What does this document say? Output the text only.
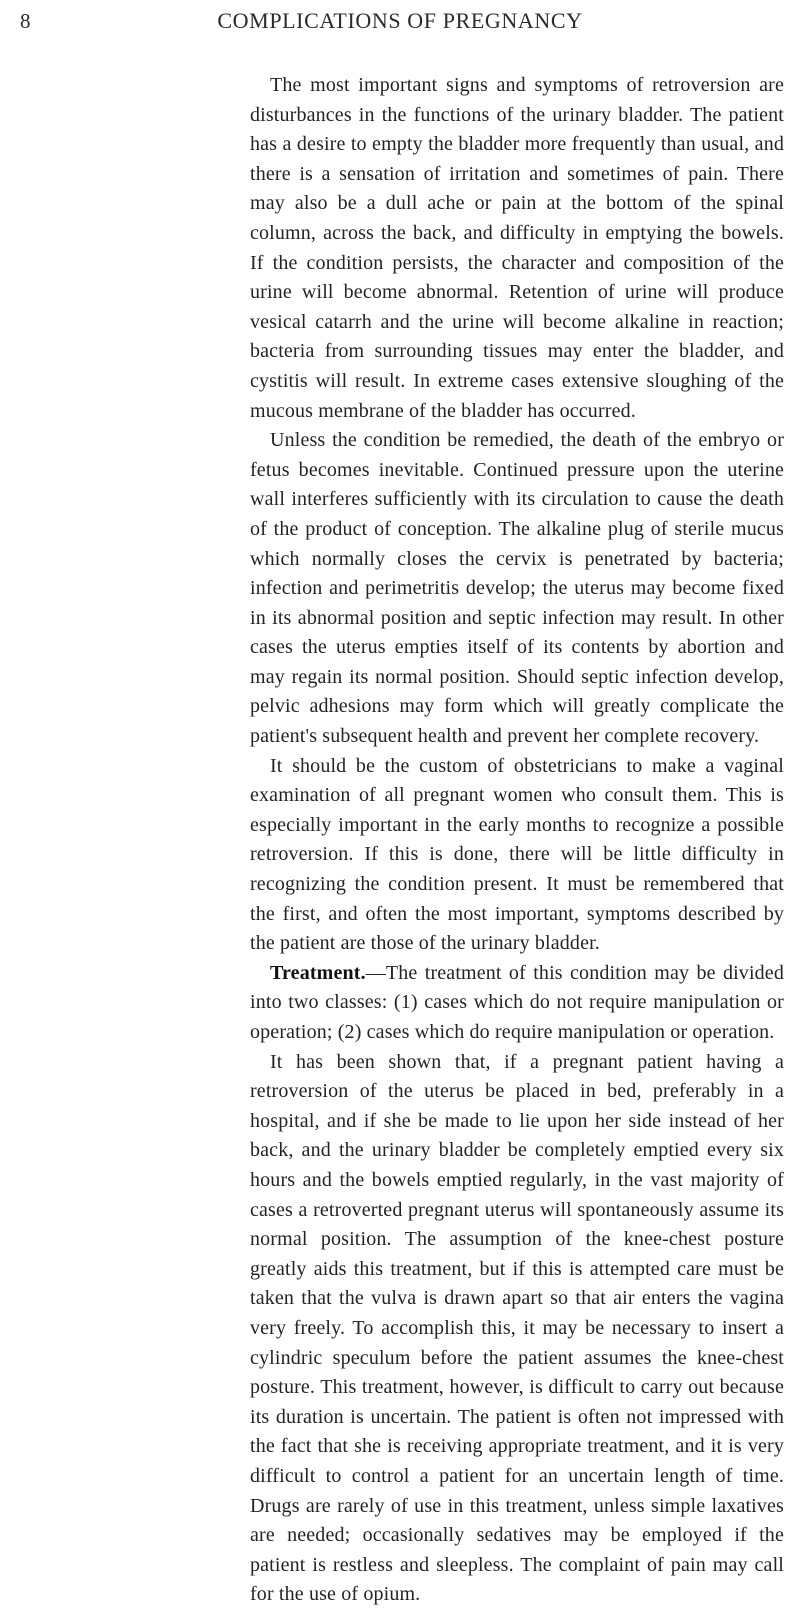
8	COMPLICATIONS OF PREGNANCY

The most important signs and symptoms of retroversion are disturbances in the functions of the urinary bladder. The patient has a desire to empty the bladder more frequently than usual, and there is a sensation of irritation and sometimes of pain. There may also be a dull ache or pain at the bottom of the spinal column, across the back, and difficulty in emptying the bowels. If the condition persists, the character and composition of the urine will become abnormal. Retention of urine will produce vesical catarrh and the urine will become alkaline in reaction; bacteria from surrounding tissues may enter the bladder, and cystitis will result. In extreme cases extensive sloughing of the mucous membrane of the bladder has occurred.

Unless the condition be remedied, the death of the embryo or fetus becomes inevitable. Continued pressure upon the uterine wall interferes sufficiently with its circulation to cause the death of the product of conception. The alkaline plug of sterile mucus which normally closes the cervix is penetrated by bacteria; infection and perimetritis develop; the uterus may become fixed in its abnormal position and septic infection may result. In other cases the uterus empties itself of its contents by abortion and may regain its normal position. Should septic infection develop, pelvic adhesions may form which will greatly complicate the patient's subsequent health and prevent her complete recovery.

It should be the custom of obstetricians to make a vaginal examination of all pregnant women who consult them. This is especially important in the early months to recognize a possible retroversion. If this is done, there will be little difficulty in recognizing the condition present. It must be remembered that the first, and often the most important, symptoms described by the patient are those of the urinary bladder.

Treatment.—The treatment of this condition may be divided into two classes: (1) cases which do not require manipulation or operation; (2) cases which do require manipulation or operation.

It has been shown that, if a pregnant patient having a retroversion of the uterus be placed in bed, preferably in a hospital, and if she be made to lie upon her side instead of her back, and the urinary bladder be completely emptied every six hours and the bowels emptied regularly, in the vast majority of cases a retroverted pregnant uterus will spontaneously assume its normal position. The assumption of the knee-chest posture greatly aids this treatment, but if this is attempted care must be taken that the vulva is drawn apart so that air enters the vagina very freely. To accomplish this, it may be necessary to insert a cylindric speculum before the patient assumes the knee-chest posture. This treatment, however, is difficult to carry out because its duration is uncertain. The patient is often not impressed with the fact that she is receiving appropriate treatment, and it is very difficult to control a patient for an uncertain length of time. Drugs are rarely of use in this treatment, unless simple laxatives are needed; occasionally sedatives may be employed if the patient is restless and sleepless. The complaint of pain may call for the use of opium.
